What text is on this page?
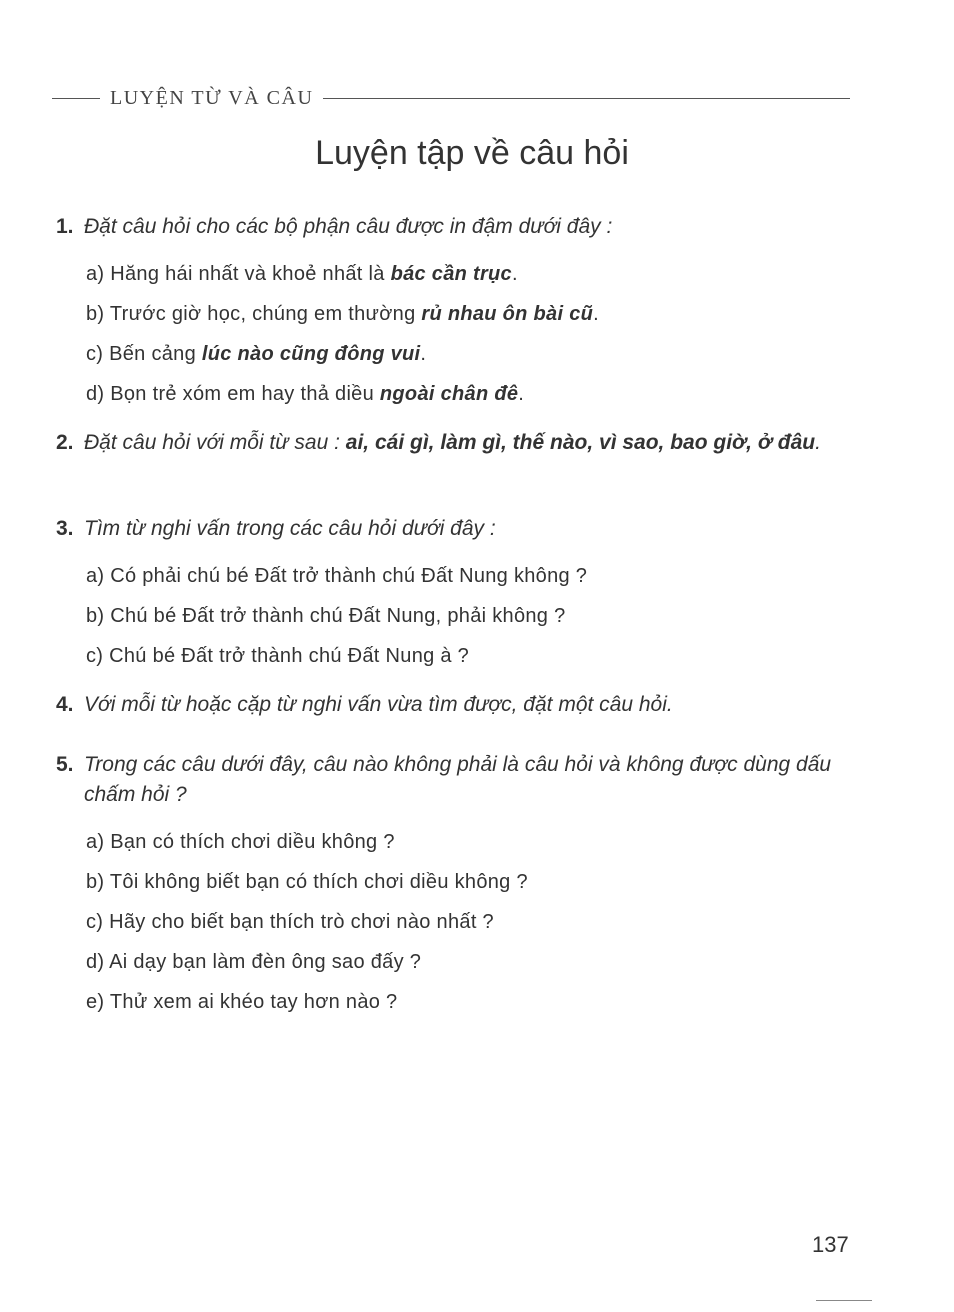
LUYỆN TỪ VÀ CÂU
Luyện tập về câu hỏi
1. Đặt câu hỏi cho các bộ phận câu được in đậm dưới đây :
a) Hăng hái nhất và khoẻ nhất là bác cần trục.
b) Trước giờ học, chúng em thường rủ nhau ôn bài cũ.
c) Bến cảng lúc nào cũng đông vui.
d) Bọn trẻ xóm em hay thả diều ngoài chân đê.
2. Đặt câu hỏi với mỗi từ sau : ai, cái gì, làm gì, thế nào, vì sao, bao giờ, ở đâu.
3. Tìm từ nghi vấn trong các câu hỏi dưới đây :
a) Có phải chú bé Đất trở thành chú Đất Nung không ?
b) Chú bé Đất trở thành chú Đất Nung, phải không ?
c) Chú bé Đất trở thành chú Đất Nung à ?
4. Với mỗi từ hoặc cặp từ nghi vấn vừa tìm được, đặt một câu hỏi.
5. Trong các câu dưới đây, câu nào không phải là câu hỏi và không được dùng dấu chấm hỏi ?
a) Bạn có thích chơi diều không ?
b) Tôi không biết bạn có thích chơi diều không ?
c) Hãy cho biết bạn thích trò chơi nào nhất ?
d) Ai dạy bạn làm đèn ông sao đấy ?
e) Thử xem ai khéo tay hơn nào ?
137
